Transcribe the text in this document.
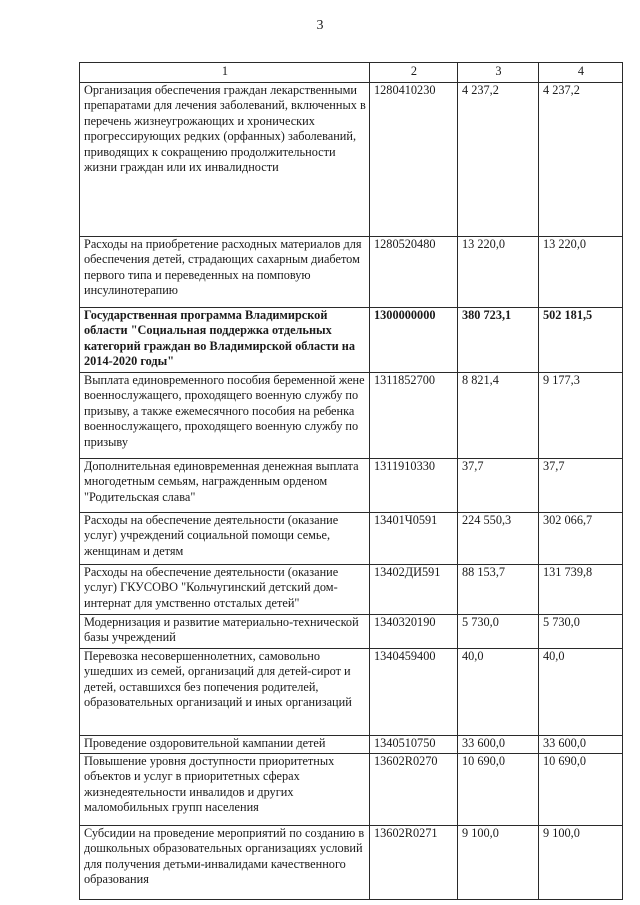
3
1	2	3	4
Организация обеспечения граждан лекарственными препаратами для лечения заболеваний, включенных в перечень жизнеугрожающих и хронических прогрессирующих редких (орфанных) заболеваний, приводящих к сокращению продолжительности жизни граждан или их инвалидности	1280410230	4 237,2	4 237,2
Расходы на приобретение расходных материалов для обеспечения детей, страдающих сахарным диабетом первого типа и переведенных на помповую инсулинотерапию	1280520480	13 220,0	13 220,0
Государственная программа Владимирской области "Социальная поддержка отдельных категорий граждан во Владимирской области на 2014-2020 годы"	1300000000	380 723,1	502 181,5
Выплата единовременного пособия беременной жене военнослужащего, проходящего военную службу по призыву, а также ежемесячного пособия на ребенка военнослужащего, проходящего военную службу по призыву	1311852700	8 821,4	9 177,3
Дополнительная единовременная денежная выплата многодетным семьям, награжденным орденом "Родительская слава"	1311910330	37,7	37,7
Расходы на обеспечение деятельности (оказание услуг) учреждений социальной помощи семье, женщинам и детям	13401Ч0591	224 550,3	302 066,7
Расходы на обеспечение деятельности (оказание услуг) ГКУСОВО "Кольчугинский детский дом-интернат для умственно отсталых детей"	13402ДИ591	88 153,7	131 739,8
Модернизация и развитие материально-технической базы учреждений	1340320190	5 730,0	5 730,0
Перевозка несовершеннолетних, самовольно ушедших из семей, организаций для детей-сирот и детей, оставшихся без попечения родителей, образовательных организаций и иных организаций	1340459400	40,0	40,0
Проведение оздоровительной кампании детей	1340510750	33 600,0	33 600,0
Повышение уровня доступности приоритетных объектов и услуг в приоритетных сферах жизнедеятельности инвалидов и других маломобильных групп населения	13602R0270	10 690,0	10 690,0
Субсидии на проведение мероприятий по созданию в дошкольных образовательных организациях условий для получения детьми-инвалидами качественного образования	13602R0271	9 100,0	9 100,0
